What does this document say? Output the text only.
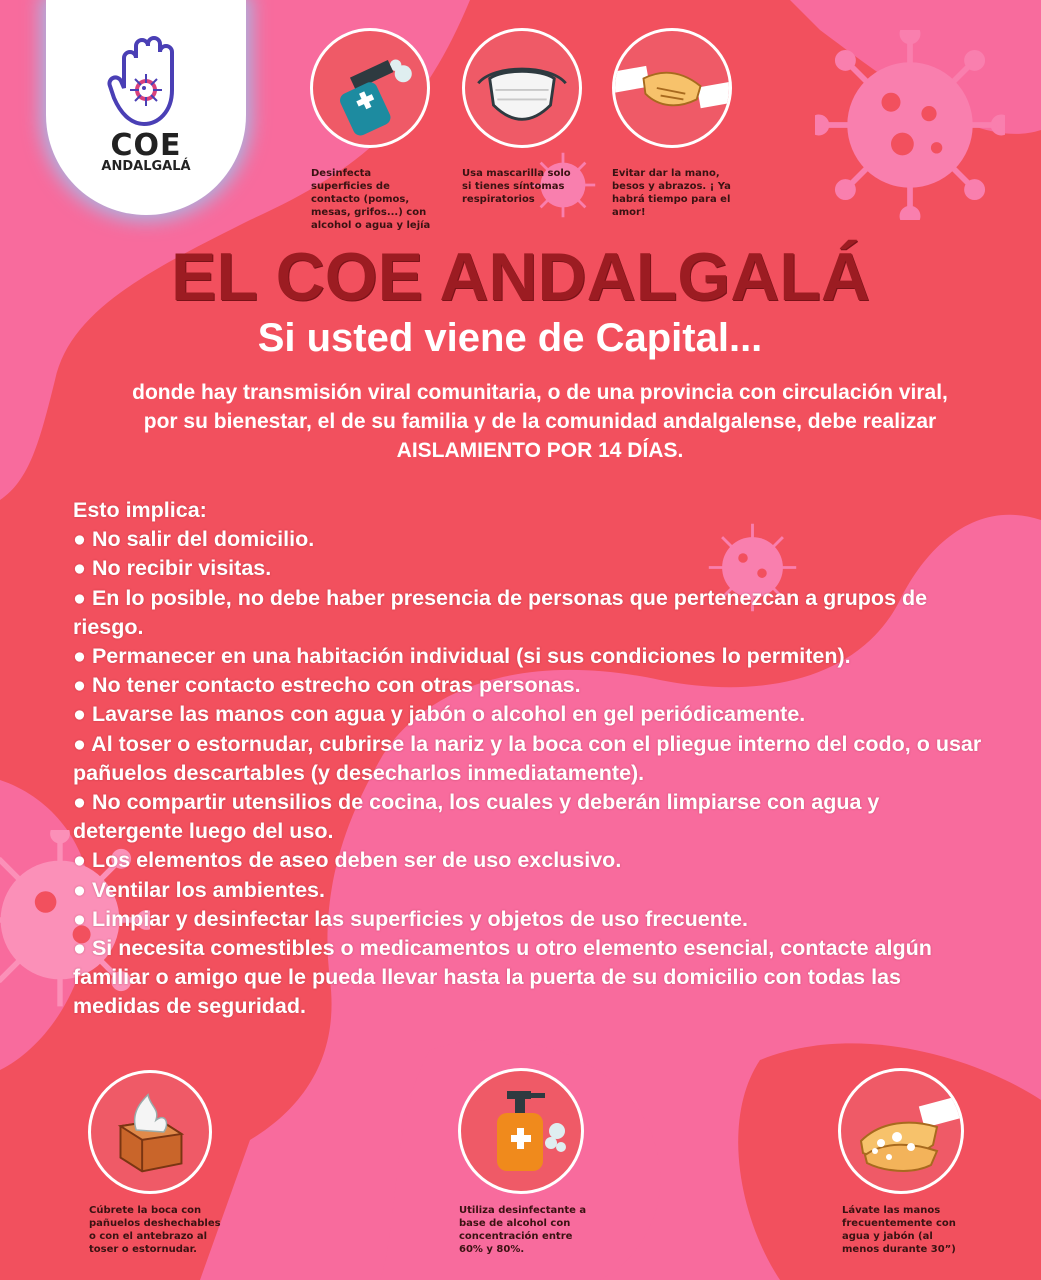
COE
ANDALGALÁ	Desinfecta superficies de contacto (pomos, mesas, grifos...) con alcohol o agua y lejía
Usa mascarilla solo si tienes síntomas respiratorios
Evitar dar la mano, besos y abrazos. ¡ Ya habrá tiempo para el amor!
EL COE ANDALGALÁ
Si usted viene de Capital...
donde hay transmisión viral comunitaria, o de una provincia con circulación viral,
por su bienestar, el de su familia y de la comunidad andalgalense, debe realizar
AISLAMIENTO POR 14 DÍAS.
Esto implica:
● No salir del domicilio.
● No recibir visitas.
● En lo posible, no debe haber presencia de personas que pertenezcan a grupos de riesgo.
● Permanecer en una habitación individual (si sus condiciones lo permiten).
● No tener contacto estrecho con otras personas.
● Lavarse las manos con agua y jabón o alcohol en gel periódicamente.
● Al toser o estornudar, cubrirse la nariz y la boca con el pliegue interno del codo, o usar pañuelos descartables (y desecharlos inmediatamente).
● No compartir utensilios de cocina, los cuales y deberán limpiarse con agua y detergente luego del uso.
● Los elementos de aseo deben ser de uso exclusivo.
● Ventilar los ambientes.
● Limpiar y desinfectar las superficies y objetos de uso frecuente.
● Si necesita comestibles o medicamentos u otro elemento esencial, contacte algún
familiar o amigo que le pueda llevar hasta la puerta de su domicilio con todas las medidas de seguridad.
Cúbrete la boca con pañuelos deshechables o con el antebrazo al toser o estornudar.
Utiliza desinfectante a base de alcohol con concentración entre 60% y 80%.
Lávate las manos frecuentemente con agua y jabón (al menos durante 30”)
